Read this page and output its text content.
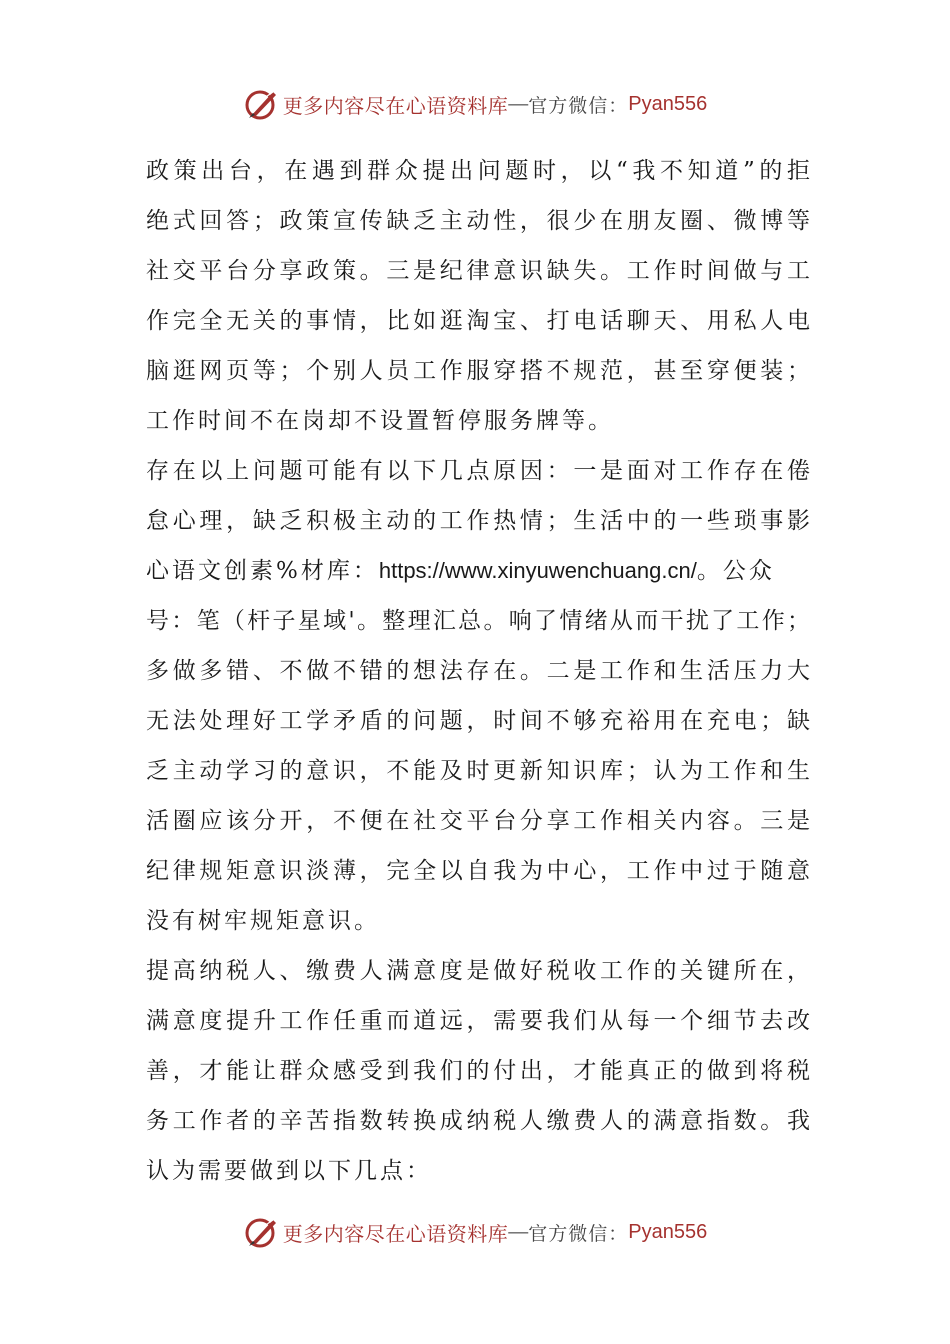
更多内容尽在心语资料库 — 官方微信： Pyan556
政策出台，在遇到群众提出问题时，以“我不知道”的拒
绝式回答；政策宣传缺乏主动性，很少在朋友圈、微博等
社交平台分享政策。三是纪律意识缺失。工作时间做与工
作完全无关的事情，比如逛淘宝、打电话聊天、用私人电
脑逛网页等；个别人员工作服穿搭不规范，甚至穿便装；
工作时间不在岗却不设置暂停服务牌等。
存在以上问题可能有以下几点原因：一是面对工作存在倦
怠心理，缺乏积极主动的工作热情；生活中的一些琐事影
心语文创素%材库：https://www.xinyuwenchuang.cn/。公众
号：笔（杆子星域'。整理汇总。响了情绪从而干扰了工作；
多做多错、不做不错的想法存在。二是工作和生活压力大
无法处理好工学矛盾的问题，时间不够充裕用在充电；缺
乏主动学习的意识，不能及时更新知识库；认为工作和生
活圈应该分开，不便在社交平台分享工作相关内容。三是
纪律规矩意识淡薄，完全以自我为中心，工作中过于随意
没有树牢规矩意识。
提高纳税人、缴费人满意度是做好税收工作的关键所在，
满意度提升工作任重而道远，需要我们从每一个细节去改
善，才能让群众感受到我们的付出，才能真正的做到将税
务工作者的辛苦指数转换成纳税人缴费人的满意指数。我
认为需要做到以下几点：
更多内容尽在心语资料库 — 官方微信： Pyan556
